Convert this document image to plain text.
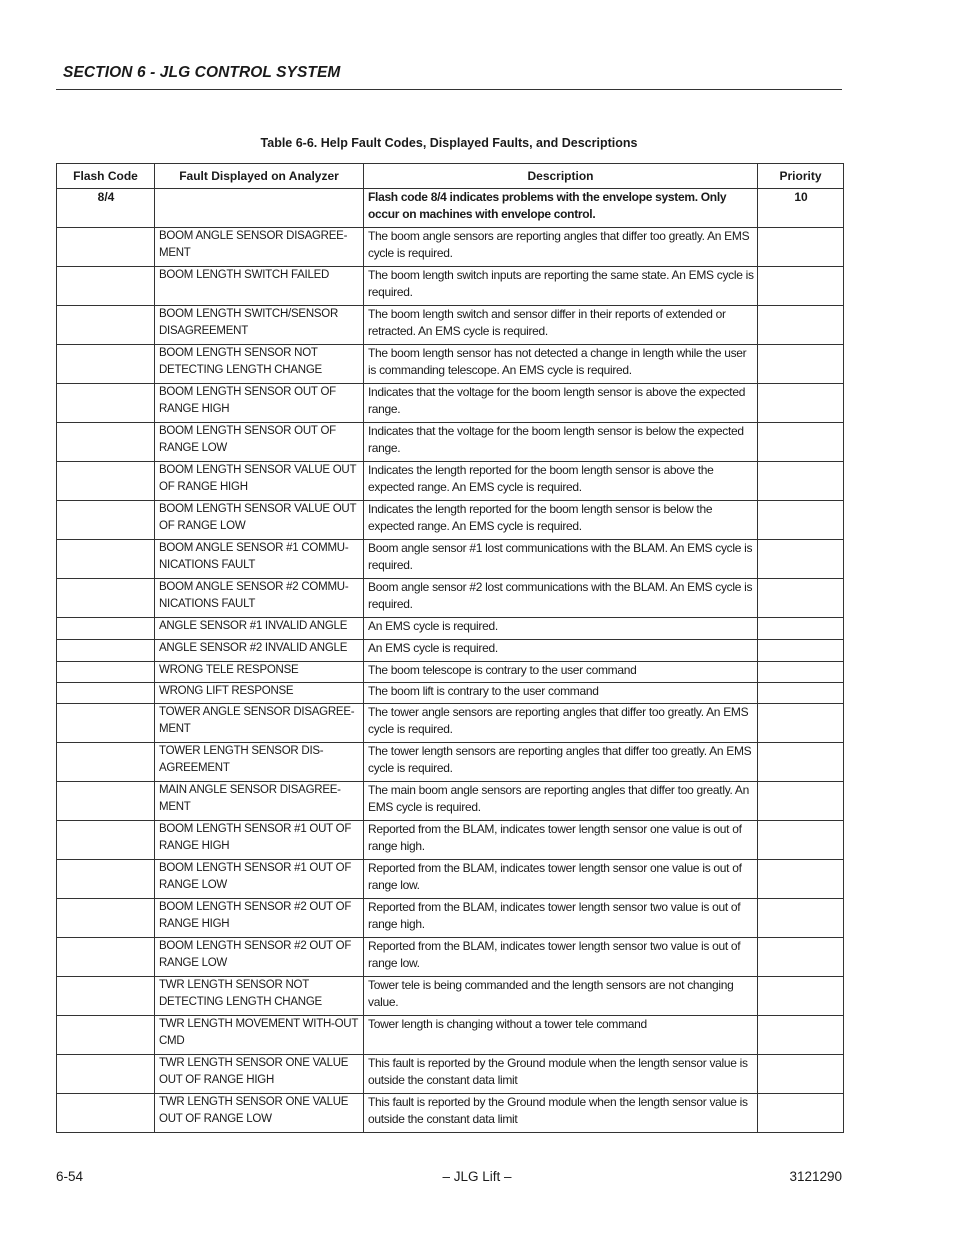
SECTION 6 - JLG CONTROL SYSTEM
Table 6-6. Help Fault Codes, Displayed Faults, and Descriptions
Flash Code	Fault Displayed on Analyzer	Description	Priority
8/4		Flash code 8/4 indicates problems with the envelope system. Only occur on machines with envelope control.	10
	BOOM ANGLE SENSOR DISAGREE-MENT	The boom angle sensors are reporting angles that differ too greatly. An EMS cycle is required.	
	BOOM LENGTH SWITCH FAILED	The boom length switch inputs are reporting the same state. An EMS cycle is required.	
	BOOM LENGTH SWITCH/SENSOR DISAGREEMENT	The boom length switch and sensor differ in their reports of extended or retracted. An EMS cycle is required.	
	BOOM LENGTH SENSOR NOT DETECTING LENGTH CHANGE	The boom length sensor has not detected a change in length while the user is commanding telescope. An EMS cycle is required.	
	BOOM LENGTH SENSOR OUT OF RANGE HIGH	Indicates that the voltage for the boom length sensor is above the expected range.	
	BOOM LENGTH SENSOR OUT OF RANGE LOW	Indicates that the voltage for the boom length sensor is below the expected range.	
	BOOM LENGTH SENSOR VALUE OUT OF RANGE HIGH	Indicates the length reported for the boom length sensor is above the expected range. An EMS cycle is required.	
	BOOM LENGTH SENSOR VALUE OUT OF RANGE LOW	Indicates the length reported for the boom length sensor is below the expected range. An EMS cycle is required.	
	BOOM ANGLE SENSOR #1 COMMU-NICATIONS FAULT	Boom angle sensor #1 lost communications with the BLAM. An EMS cycle is required.	
	BOOM ANGLE SENSOR #2 COMMU-NICATIONS FAULT	Boom angle sensor #2 lost communications with the BLAM. An EMS cycle is required.	
	ANGLE SENSOR #1 INVALID ANGLE	An EMS cycle is required.	
	ANGLE SENSOR #2 INVALID ANGLE	An EMS cycle is required.	
	WRONG TELE RESPONSE	The boom telescope is contrary to the user command	
	WRONG LIFT RESPONSE	The boom lift is contrary to the user command	
	TOWER ANGLE SENSOR DISAGREE-MENT	The tower angle sensors are reporting angles that differ too greatly. An EMS cycle is required.	
	TOWER LENGTH SENSOR DIS-AGREEMENT	The tower length sensors are reporting angles that differ too greatly. An EMS cycle is required.	
	MAIN ANGLE SENSOR DISAGREE-MENT	The main boom angle sensors are reporting angles that differ too greatly. An EMS cycle is required.	
	BOOM LENGTH SENSOR #1 OUT OF RANGE HIGH	Reported from the BLAM, indicates tower length sensor one value is out of range high.	
	BOOM LENGTH SENSOR #1 OUT OF RANGE LOW	Reported from the BLAM, indicates tower length sensor one value is out of range low.	
	BOOM LENGTH SENSOR #2 OUT OF RANGE HIGH	Reported from the BLAM, indicates tower length sensor two value is out of range high.	
	BOOM LENGTH SENSOR #2 OUT OF RANGE LOW	Reported from the BLAM, indicates tower length sensor two value is out of range low.	
	TWR LENGTH SENSOR NOT DETECTING LENGTH CHANGE	Tower tele is being commanded and the length sensors are not changing value.	
	TWR LENGTH MOVEMENT WITH-OUT CMD	Tower length is changing without a tower tele command	
	TWR LENGTH SENSOR ONE VALUE OUT OF RANGE HIGH	This fault is reported by the Ground module when the length sensor value is outside the constant data limit	
	TWR LENGTH SENSOR ONE VALUE OUT OF RANGE LOW	This fault is reported by the Ground module when the length sensor value is outside the constant data limit	
6-54	– JLG Lift –	3121290
